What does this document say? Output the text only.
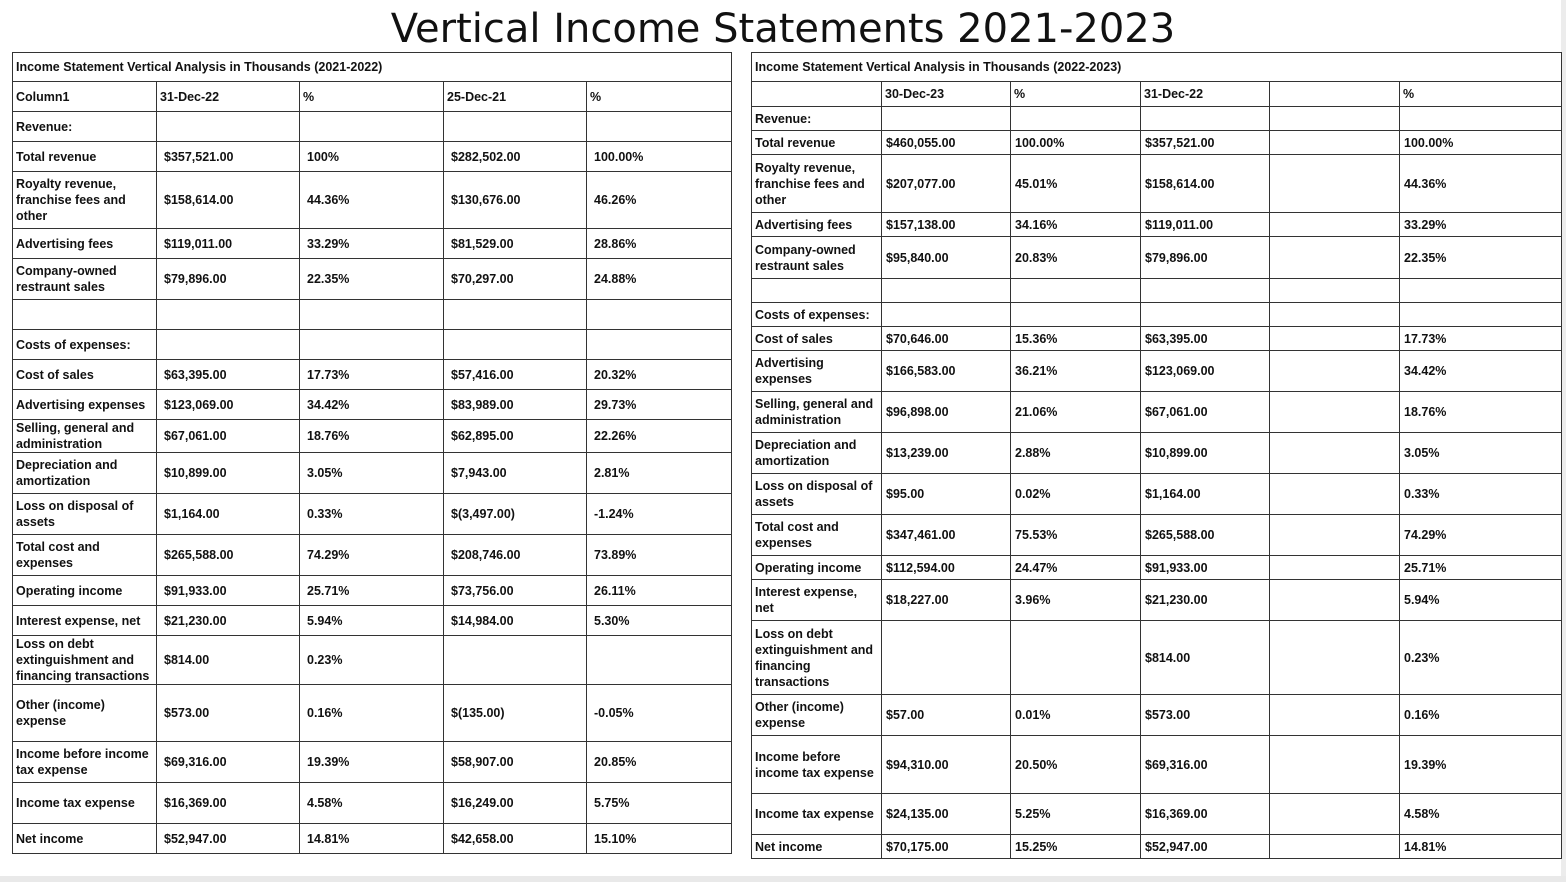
Vertical Income Statements 2021-2023
Income Statement Vertical Analysis in Thousands (2021-2022)				
Column1	31-Dec-22	%	25-Dec-21	%
Revenue:				
Total revenue	$357,521.00	100%	$282,502.00	100.00%
Royalty revenue, franchise fees and other	$158,614.00	44.36%	$130,676.00	46.26%
Advertising fees	$119,011.00	33.29%	$81,529.00	28.86%
Company-owned restraunt sales	$79,896.00	22.35%	$70,297.00	24.88%

Costs of expenses:				
Cost of sales	$63,395.00	17.73%	$57,416.00	20.32%
Advertising expenses	$123,069.00	34.42%	$83,989.00	29.73%
Selling, general and administration	$67,061.00	18.76%	$62,895.00	22.26%
Depreciation and amortization	$10,899.00	3.05%	$7,943.00	2.81%
Loss on disposal of assets	$1,164.00	0.33%	$(3,497.00)	-1.24%
Total cost and expenses	$265,588.00	74.29%	$208,746.00	73.89%
Operating income	$91,933.00	25.71%	$73,756.00	26.11%
Interest expense, net	$21,230.00	5.94%	$14,984.00	5.30%
Loss on debt extinguishment and financing transactions	$814.00	0.23%		
Other (income) expense	$573.00	0.16%	$(135.00)	-0.05%
Income before income tax expense	$69,316.00	19.39%	$58,907.00	20.85%
Income tax expense	$16,369.00	4.58%	$16,249.00	5.75%
Net income	$52,947.00	14.81%	$42,658.00	15.10%
Income Statement Vertical Analysis in Thousands (2022-2023)					
	30-Dec-23	%	31-Dec-22		%
Revenue:					
Total revenue	$460,055.00	100.00%	$357,521.00		100.00%
Royalty revenue, franchise fees and other	$207,077.00	45.01%	$158,614.00		44.36%
Advertising fees	$157,138.00	34.16%	$119,011.00		33.29%
Company-owned restraunt sales	$95,840.00	20.83%	$79,896.00		22.35%

Costs of expenses:					
Cost of sales	$70,646.00	15.36%	$63,395.00		17.73%
Advertising expenses	$166,583.00	36.21%	$123,069.00		34.42%
Selling, general and administration	$96,898.00	21.06%	$67,061.00		18.76%
Depreciation and amortization	$13,239.00	2.88%	$10,899.00		3.05%
Loss on disposal of assets	$95.00	0.02%	$1,164.00		0.33%
Total cost and expenses	$347,461.00	75.53%	$265,588.00		74.29%
Operating income	$112,594.00	24.47%	$91,933.00		25.71%
Interest expense, net	$18,227.00	3.96%	$21,230.00		5.94%
Loss on debt extinguishment and financing transactions			$814.00		0.23%
Other (income) expense	$57.00	0.01%	$573.00		0.16%
Income before income tax expense	$94,310.00	20.50%	$69,316.00		19.39%
Income tax expense	$24,135.00	5.25%	$16,369.00		4.58%
Net income	$70,175.00	15.25%	$52,947.00		14.81%
